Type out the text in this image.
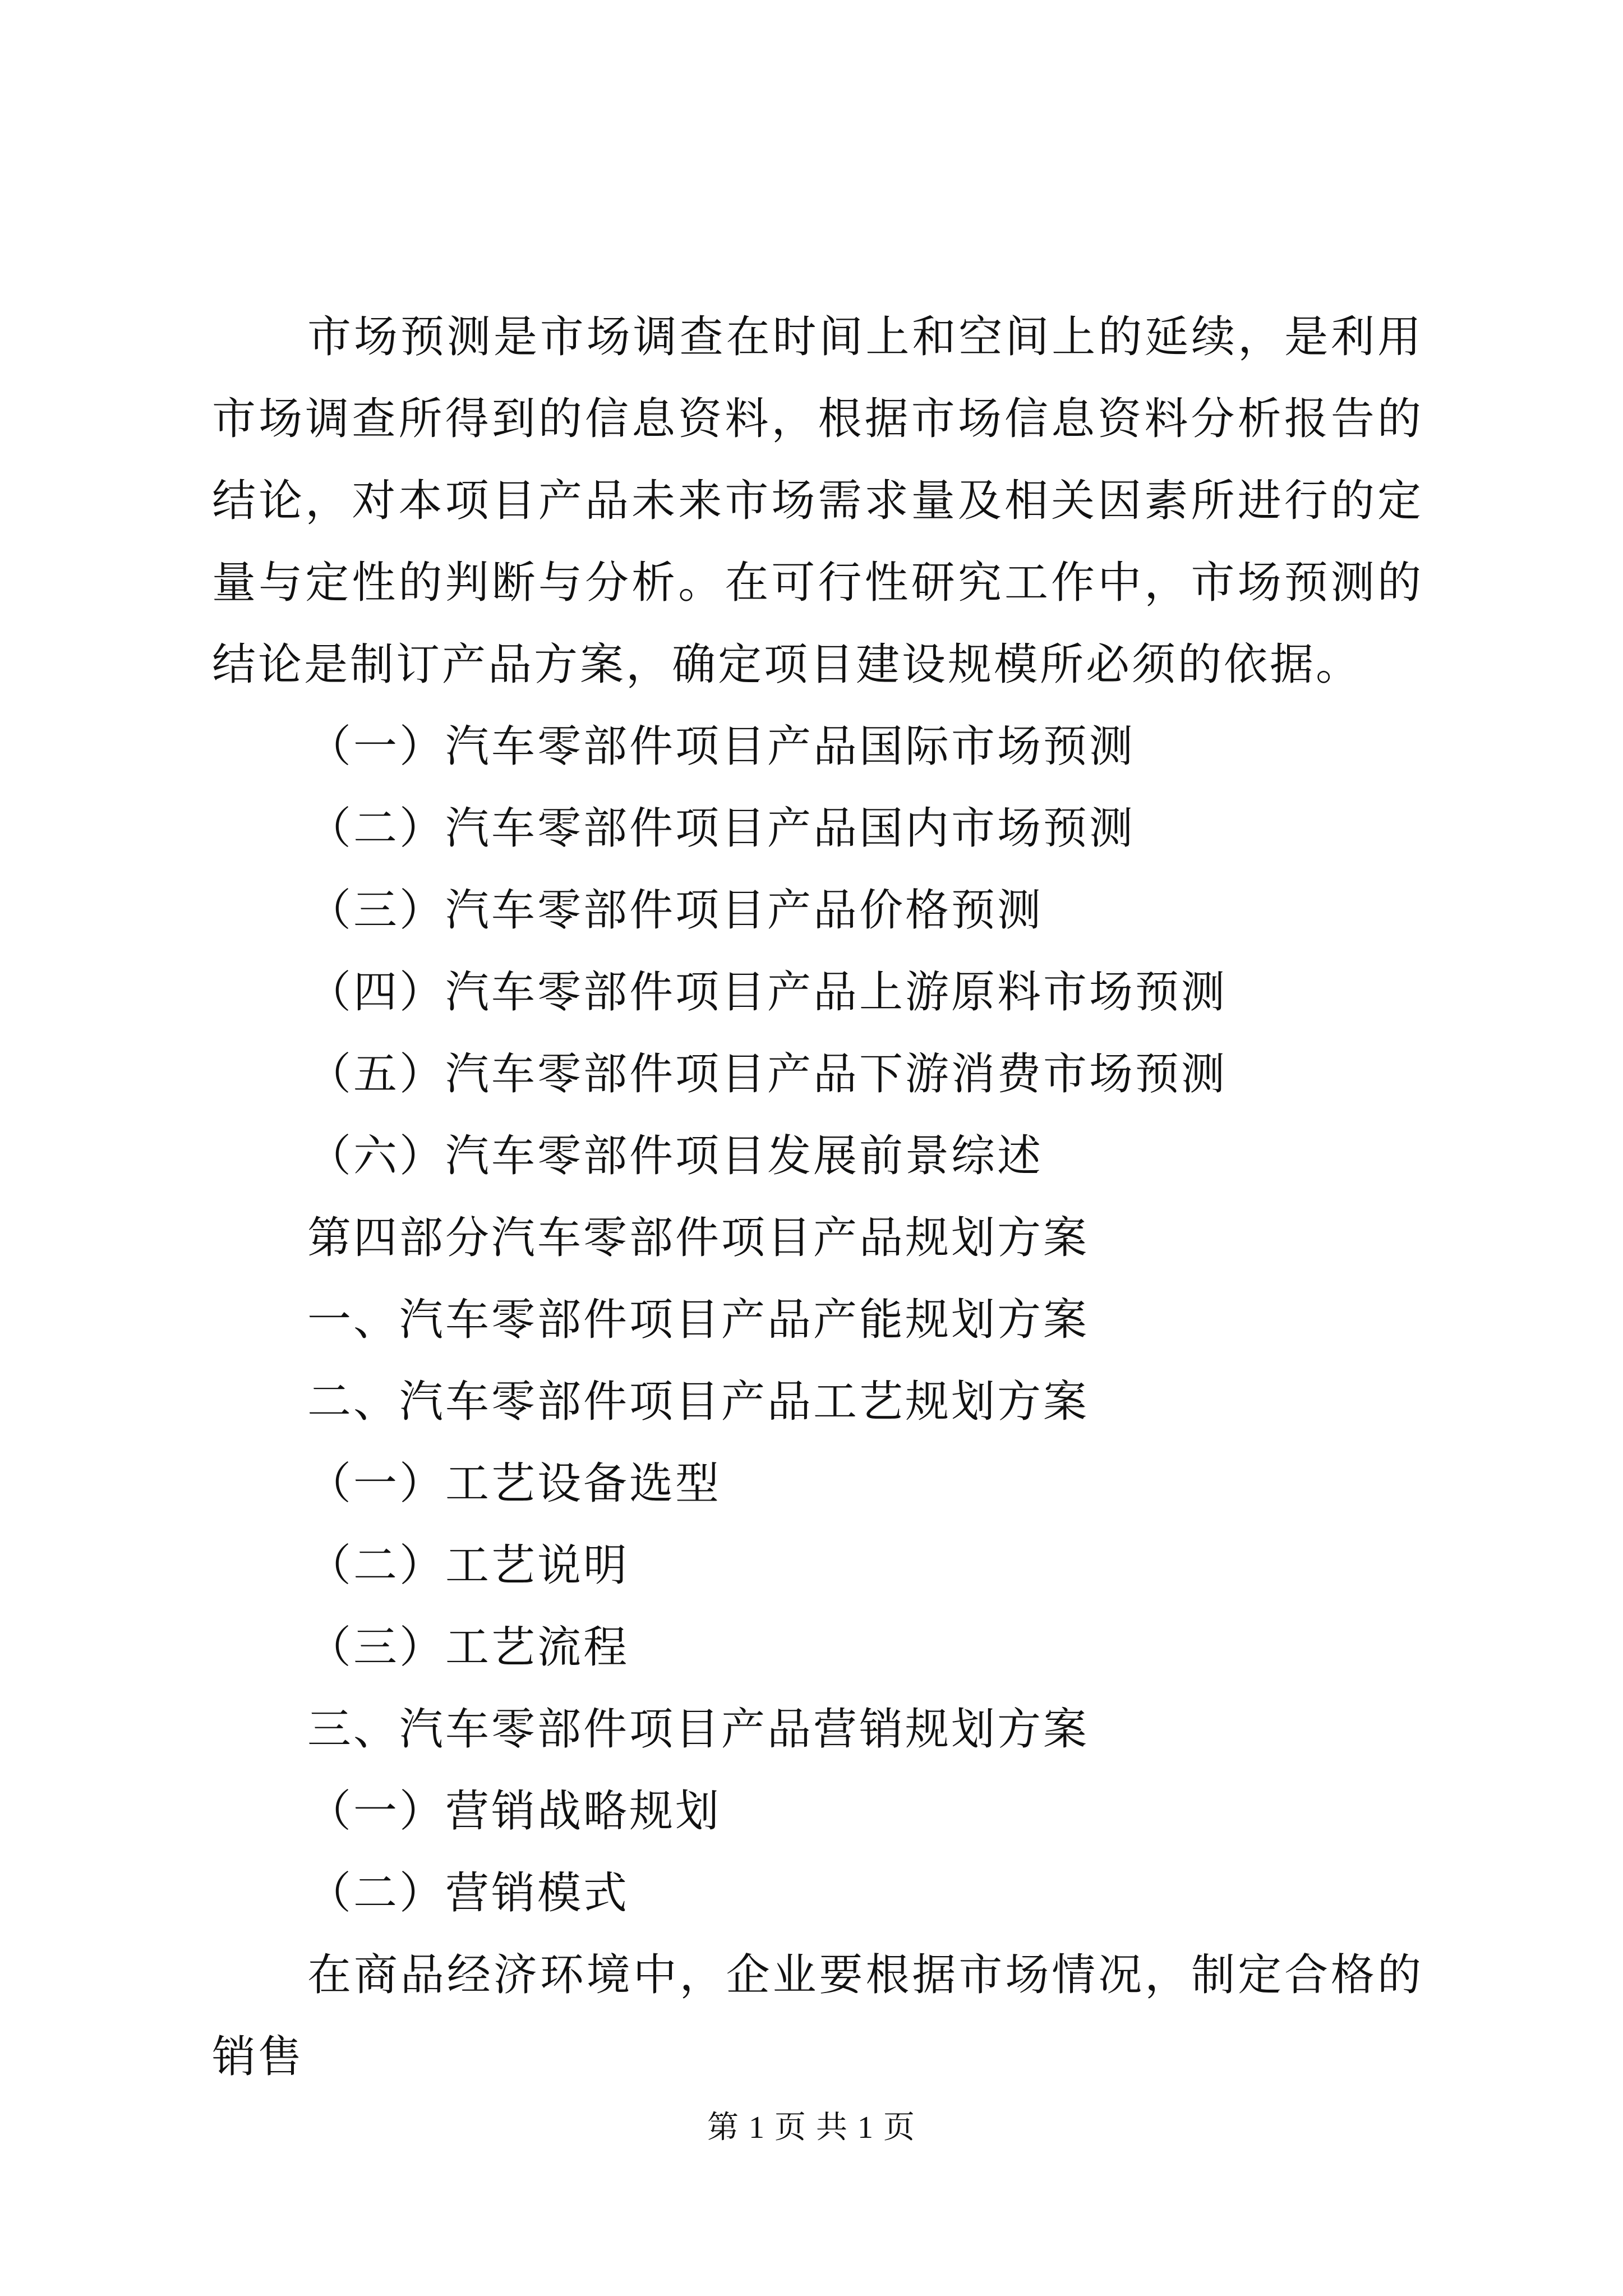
市场预测是市场调查在时间上和空间上的延续，是利用市场调查所得到的信息资料，根据市场信息资料分析报告的结论，对本项目产品未来市场需求量及相关因素所进行的定量与定性的判断与分析。在可行性研究工作中，市场预测的结论是制订产品方案，确定项目建设规模所必须的依据。

（一）汽车零部件项目产品国际市场预测
（二）汽车零部件项目产品国内市场预测
（三）汽车零部件项目产品价格预测
（四）汽车零部件项目产品上游原料市场预测
（五）汽车零部件项目产品下游消费市场预测
（六）汽车零部件项目发展前景综述
第四部分汽车零部件项目产品规划方案
一、汽车零部件项目产品产能规划方案
二、汽车零部件项目产品工艺规划方案
（一）工艺设备选型
（二）工艺说明
（三）工艺流程
三、汽车零部件项目产品营销规划方案
（一）营销战略规划
（二）营销模式

在商品经济环境中，企业要根据市场情况，制定合格的销售

第 1 页 共 1 页
